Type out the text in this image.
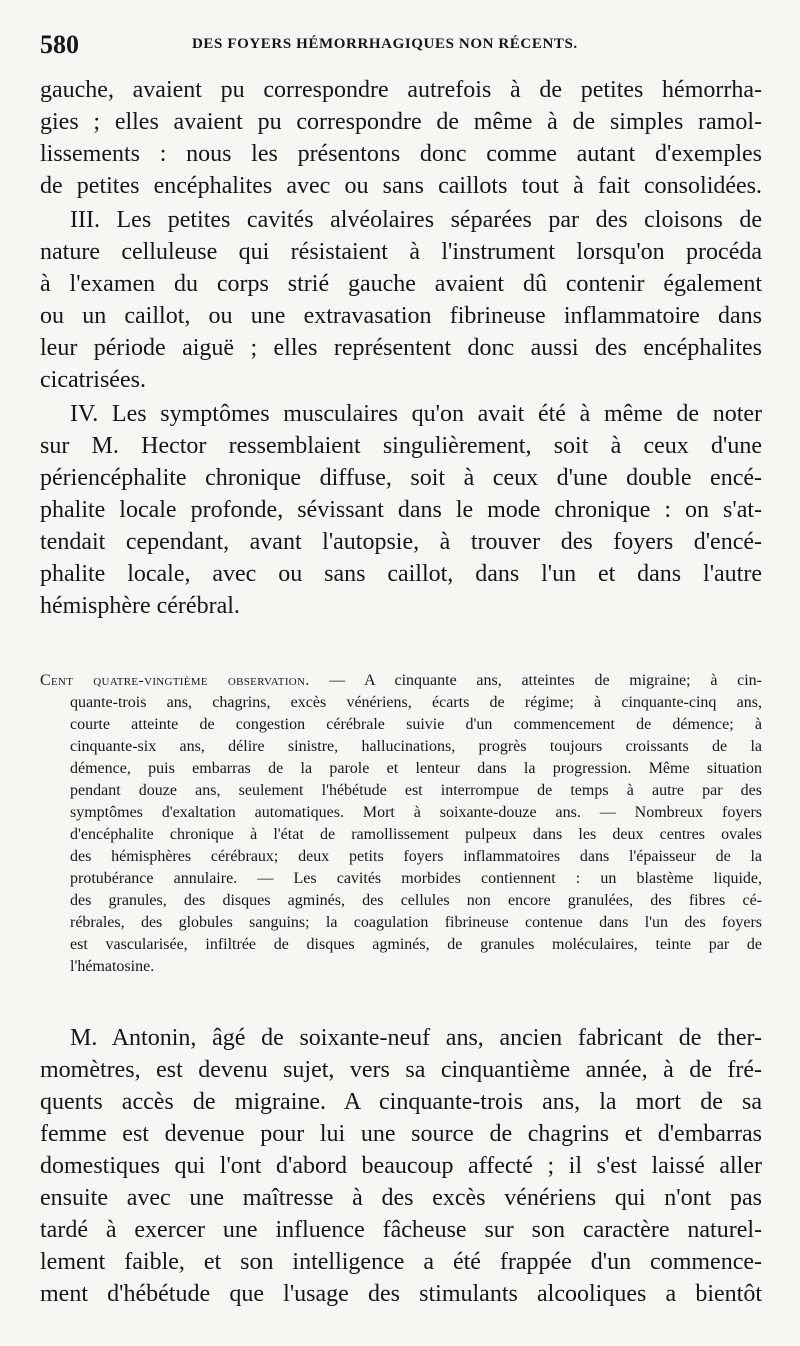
580	DES FOYERS HÉMORRHAGIQUES NON RÉCENTS.
gauche, avaient pu correspondre autrefois à de petites hémorrha-
gies ; elles avaient pu correspondre de même à de simples ramol-
lissements : nous les présentons donc comme autant d'exemples
de petites encéphalites avec ou sans caillots tout à fait consolidées.
III. Les petites cavités alvéolaires séparées par des cloisons de
nature celluleuse qui résistaient à l'instrument lorsqu'on procéda
à l'examen du corps strié gauche avaient dû contenir également
ou un caillot, ou une extravasation fibrineuse inflammatoire dans
leur période aiguë ; elles représentent donc aussi des encéphalites
cicatrisées.
IV. Les symptômes musculaires qu'on avait été à même de noter
sur M. Hector ressemblaient singulièrement, soit à ceux d'une
périencéphalite chronique diffuse, soit à ceux d'une double encé-
phalite locale profonde, sévissant dans le mode chronique : on s'at-
tendait cependant, avant l'autopsie, à trouver des foyers d'encé-
phalite locale, avec ou sans caillot, dans l'un et dans l'autre
hémisphère cérébral.
Cent quatre-vingtième observation. — A cinquante ans, atteintes de migraine; à cin-
quante-trois ans, chagrins, excès vénériens, écarts de régime; à cinquante-cinq ans,
courte atteinte de congestion cérébrale suivie d'un commencement de démence; à
cinquante-six ans, délire sinistre, hallucinations, progrès toujours croissants de la
démence, puis embarras de la parole et lenteur dans la progression. Même situation
pendant douze ans, seulement l'hébétude est interrompue de temps à autre par des
symptômes d'exaltation automatiques. Mort à soixante-douze ans. — Nombreux foyers
d'encéphalite chronique à l'état de ramollissement pulpeux dans les deux centres ovales
des hémisphères cérébraux; deux petits foyers inflammatoires dans l'épaisseur de la
protubérance annulaire. — Les cavités morbides contiennent : un blastème liquide,
des granules, des disques agminés, des cellules non encore granulées, des fibres cé-
rébrales, des globules sanguins; la coagulation fibrineuse contenue dans l'un des foyers
est vascularisée, infiltrée de disques agminés, de granules moléculaires, teinte par de
l'hématosine.
M. Antonin, âgé de soixante-neuf ans, ancien fabricant de ther-
momètres, est devenu sujet, vers sa cinquantième année, à de fré-
quents accès de migraine. A cinquante-trois ans, la mort de sa
femme est devenue pour lui une source de chagrins et d'embarras
domestiques qui l'ont d'abord beaucoup affecté ; il s'est laissé aller
ensuite avec une maîtresse à des excès vénériens qui n'ont pas
tardé à exercer une influence fâcheuse sur son caractère naturel-
lement faible, et son intelligence a été frappée d'un commence-
ment d'hébétude que l'usage des stimulants alcooliques a bientôt
